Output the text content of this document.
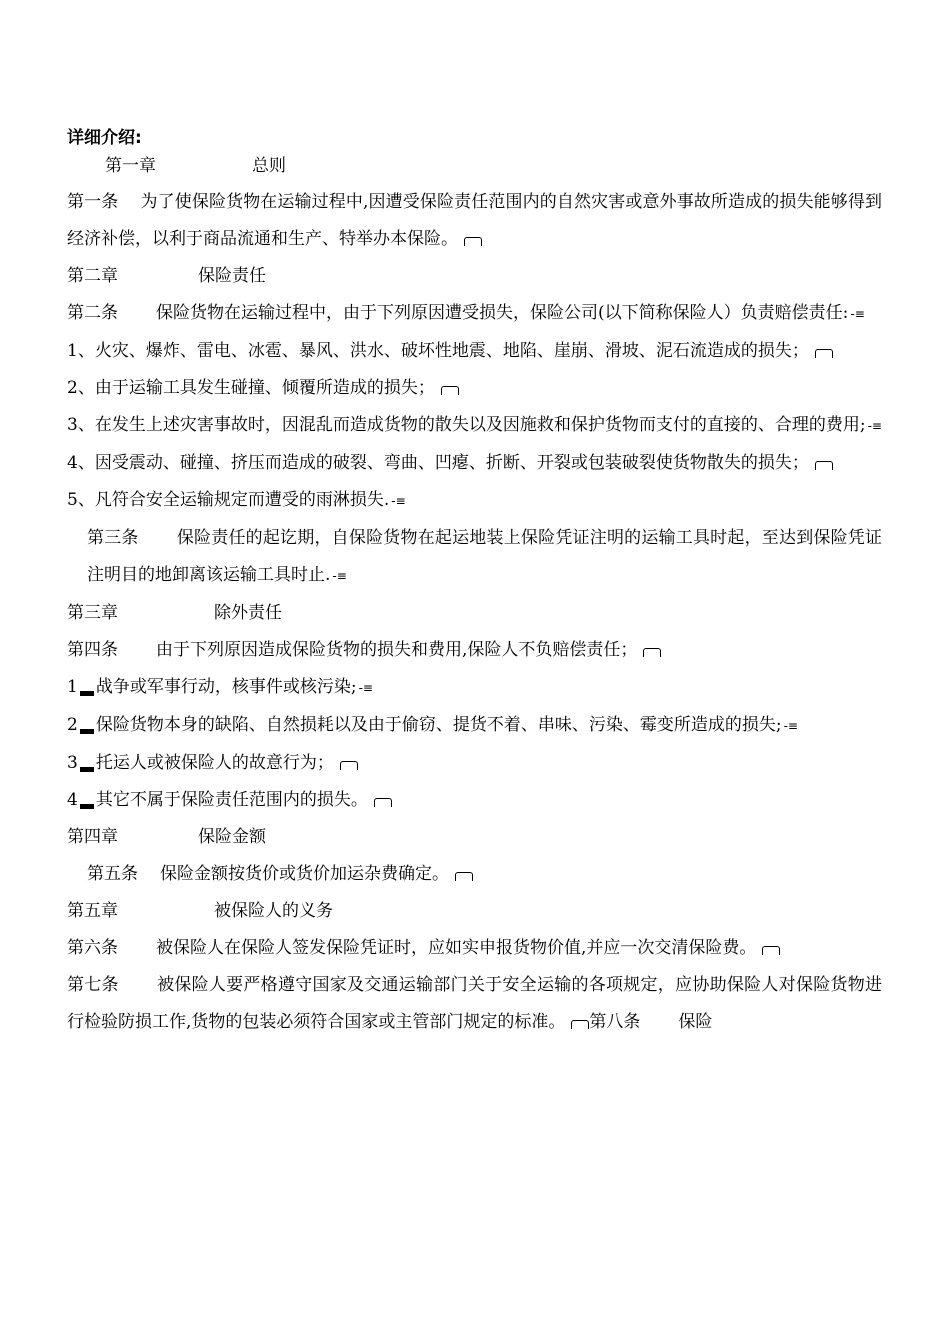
详细介绍:
第一章	总则
第一条 为了使保险货物在运输过程中,因遭受保险责任范围内的自然灾害或意外事故所造成的损失能够得到经济补偿，以利于商品流通和生产、特举办本保险。
第二章	保险责任
第二条 保险货物在运输过程中，由于下列原因遭受损失，保险公司(以下简称保险人）负责赔偿责任: -≡
1、火灾、爆炸、雷电、冰雹、暴风、洪水、破坏性地震、地陷、崖崩、滑坡、泥石流造成的损失；
2、由于运输工具发生碰撞、倾覆所造成的损失；
3、在发生上述灾害事故时，因混乱而造成货物的散失以及因施救和保护货物而支付的直接的、合理的费用; -≡
4、因受震动、碰撞、挤压而造成的破裂、弯曲、凹瘪、折断、开裂或包装破裂使货物散失的损失；
5、凡符合安全运输规定而遭受的雨淋损失. -≡
第三条 保险责任的起讫期，自保险货物在起运地装上保险凭证注明的运输工具时起，至达到保险凭证注明目的地卸离该运输工具时止. -≡
第三章	除外责任
第四条 由于下列原因造成保险货物的损失和费用,保险人不负赔偿责任；
1 战争或军事行动，核事件或核污染; -≡
2 保险货物本身的缺陷、自然损耗以及由于偷窃、提货不着、串味、污染、霉变所造成的损失; -≡
3 托运人或被保险人的故意行为；
4 其它不属于保险责任范围内的损失。
第四章	保险金额
第五条 保险金额按货价或货价加运杂费确定。
第五章	被保险人的义务
第六条 被保险人在保险人签发保险凭证时，应如实申报货物价值,并应一次交清保险费。
第七条 被保险人要严格遵守国家及交通运输部门关于安全运输的各项规定，应协助保险人对保险货物进行检验防损工作,货物的包装必须符合国家或主管部门规定的标准。 第八条 保险
